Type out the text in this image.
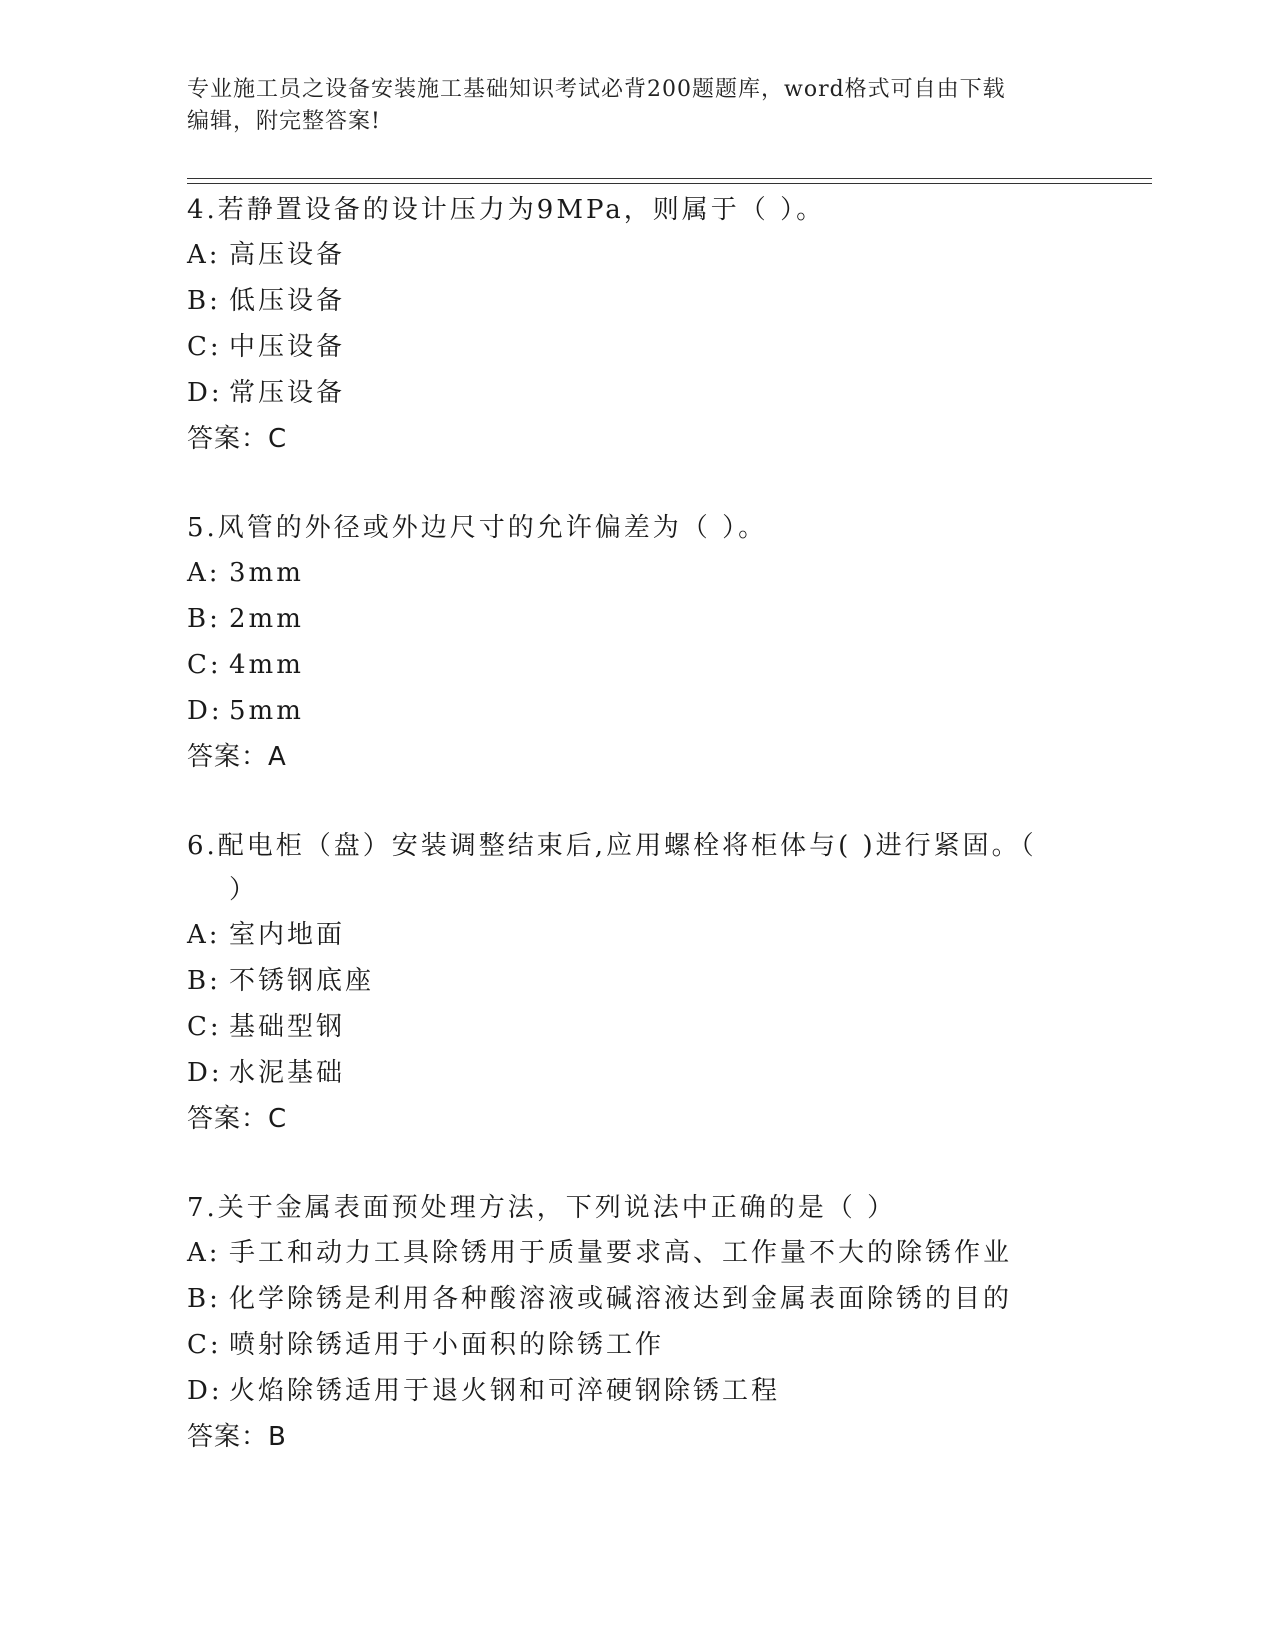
专业施工员之设备安装施工基础知识考试必背200题题库，word格式可自由下载
编辑，附完整答案!
4.若静置设备的设计压力为9MPa，则属于（ ）。
A: 高压设备
B: 低压设备
C: 中压设备
D: 常压设备
答案：C
5.风管的外径或外边尺寸的允许偏差为（ ）。
A: 3mm
B: 2mm
C: 4mm
D: 5mm
答案：A
6.配电柜（盘）安装调整结束后,应用螺栓将柜体与( )进行紧固。（
）
A: 室内地面
B: 不锈钢底座
C: 基础型钢
D: 水泥基础
答案：C
7.关于金属表面预处理方法，下列说法中正确的是（ ）
A: 手工和动力工具除锈用于质量要求高、工作量不大的除锈作业
B: 化学除锈是利用各种酸溶液或碱溶液达到金属表面除锈的目的
C: 喷射除锈适用于小面积的除锈工作
D: 火焰除锈适用于退火钢和可淬硬钢除锈工程
答案：B
